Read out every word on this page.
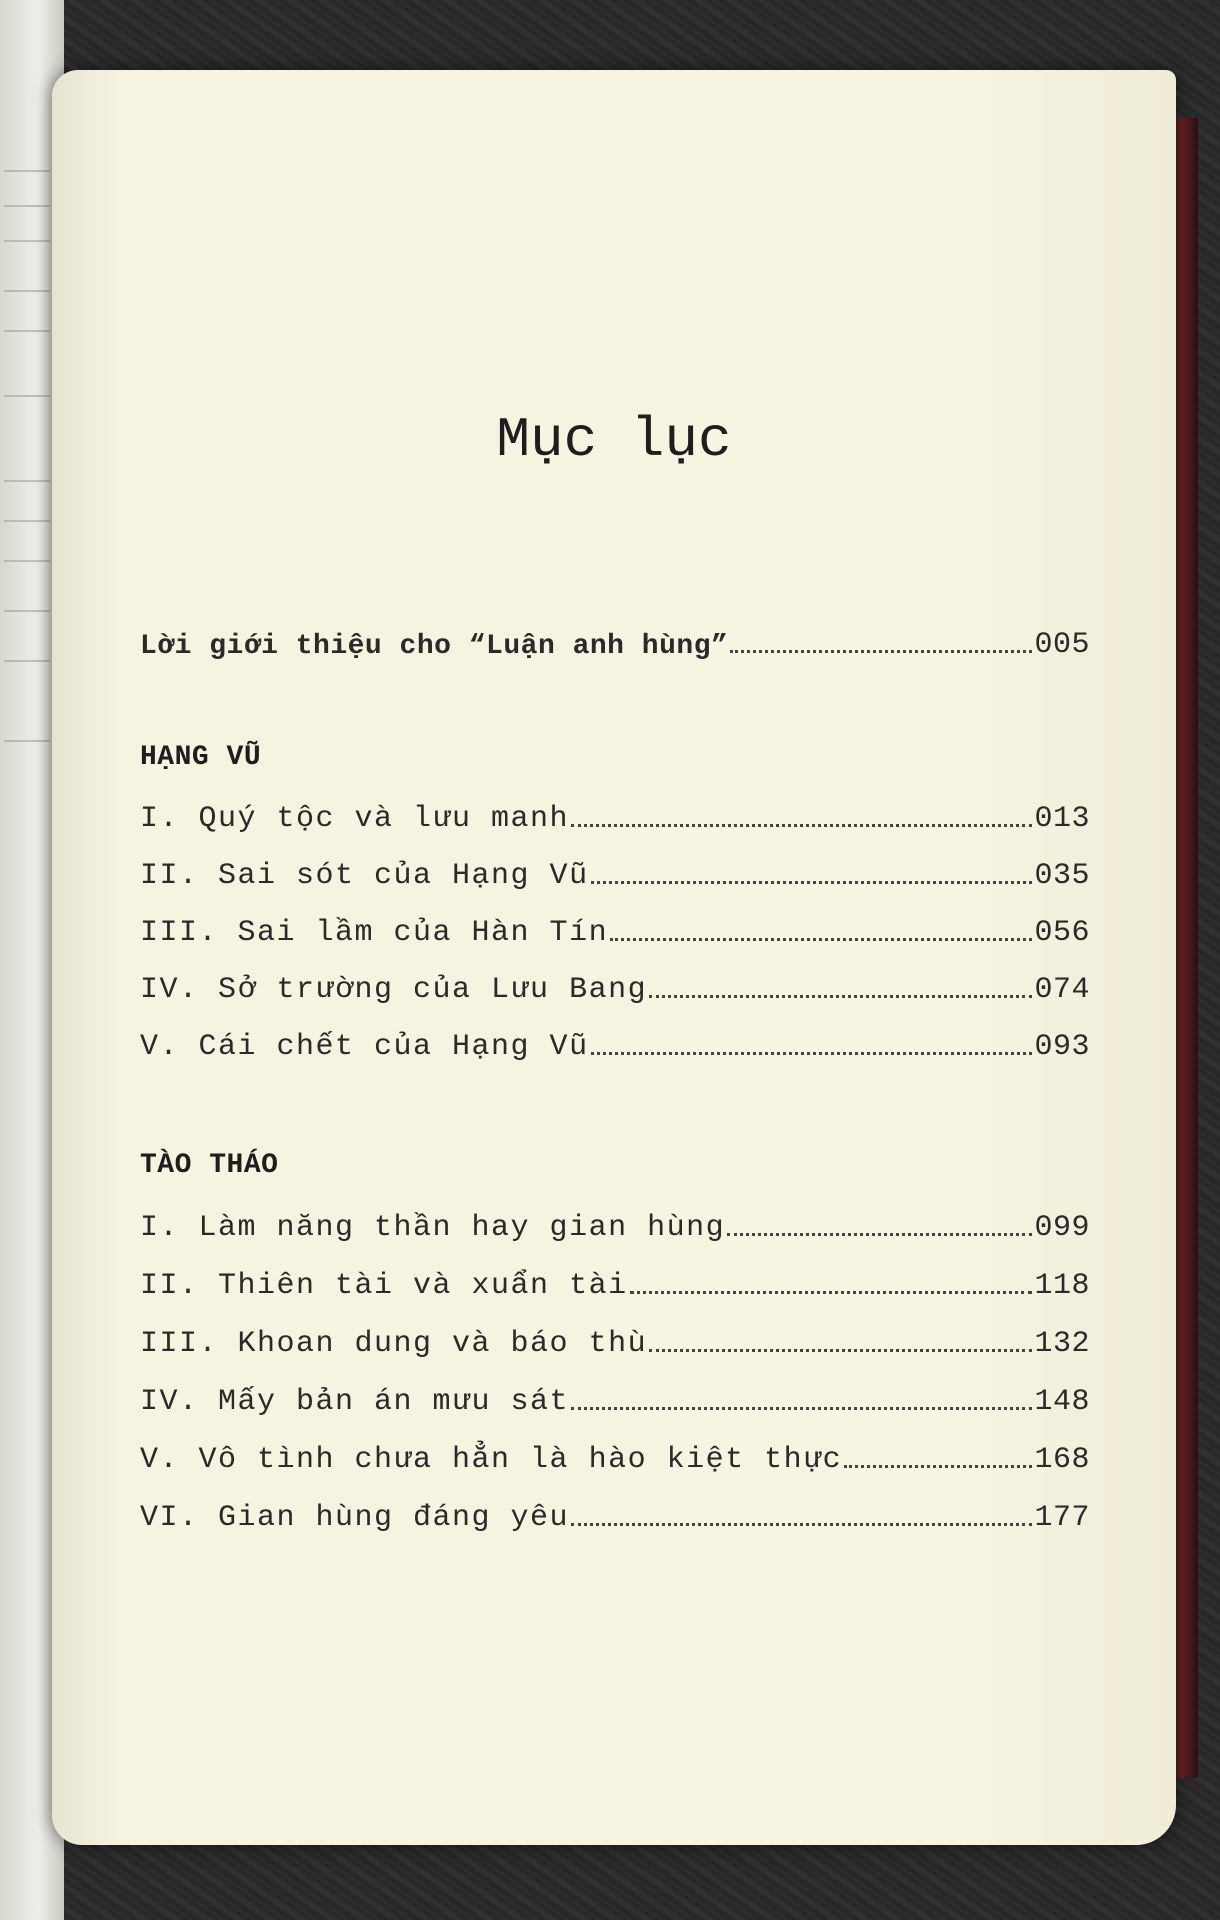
Mục lục
Lời giới thiệu cho “Luận anh hùng”	005
HẠNG VŨ
I. Quý tộc và lưu manh	013
II. Sai sót của Hạng Vũ	035
III. Sai lầm của Hàn Tín	056
IV. Sở trường của Lưu Bang	074
V. Cái chết của Hạng Vũ	093
TÀO THÁO
I. Làm năng thần hay gian hùng	099
II. Thiên tài và xuẩn tài	118
III. Khoan dung và báo thù	132
IV. Mấy bản án mưu sát	148
V. Vô tình chưa hẳn là hào kiệt thực	168
VI. Gian hùng đáng yêu	177
